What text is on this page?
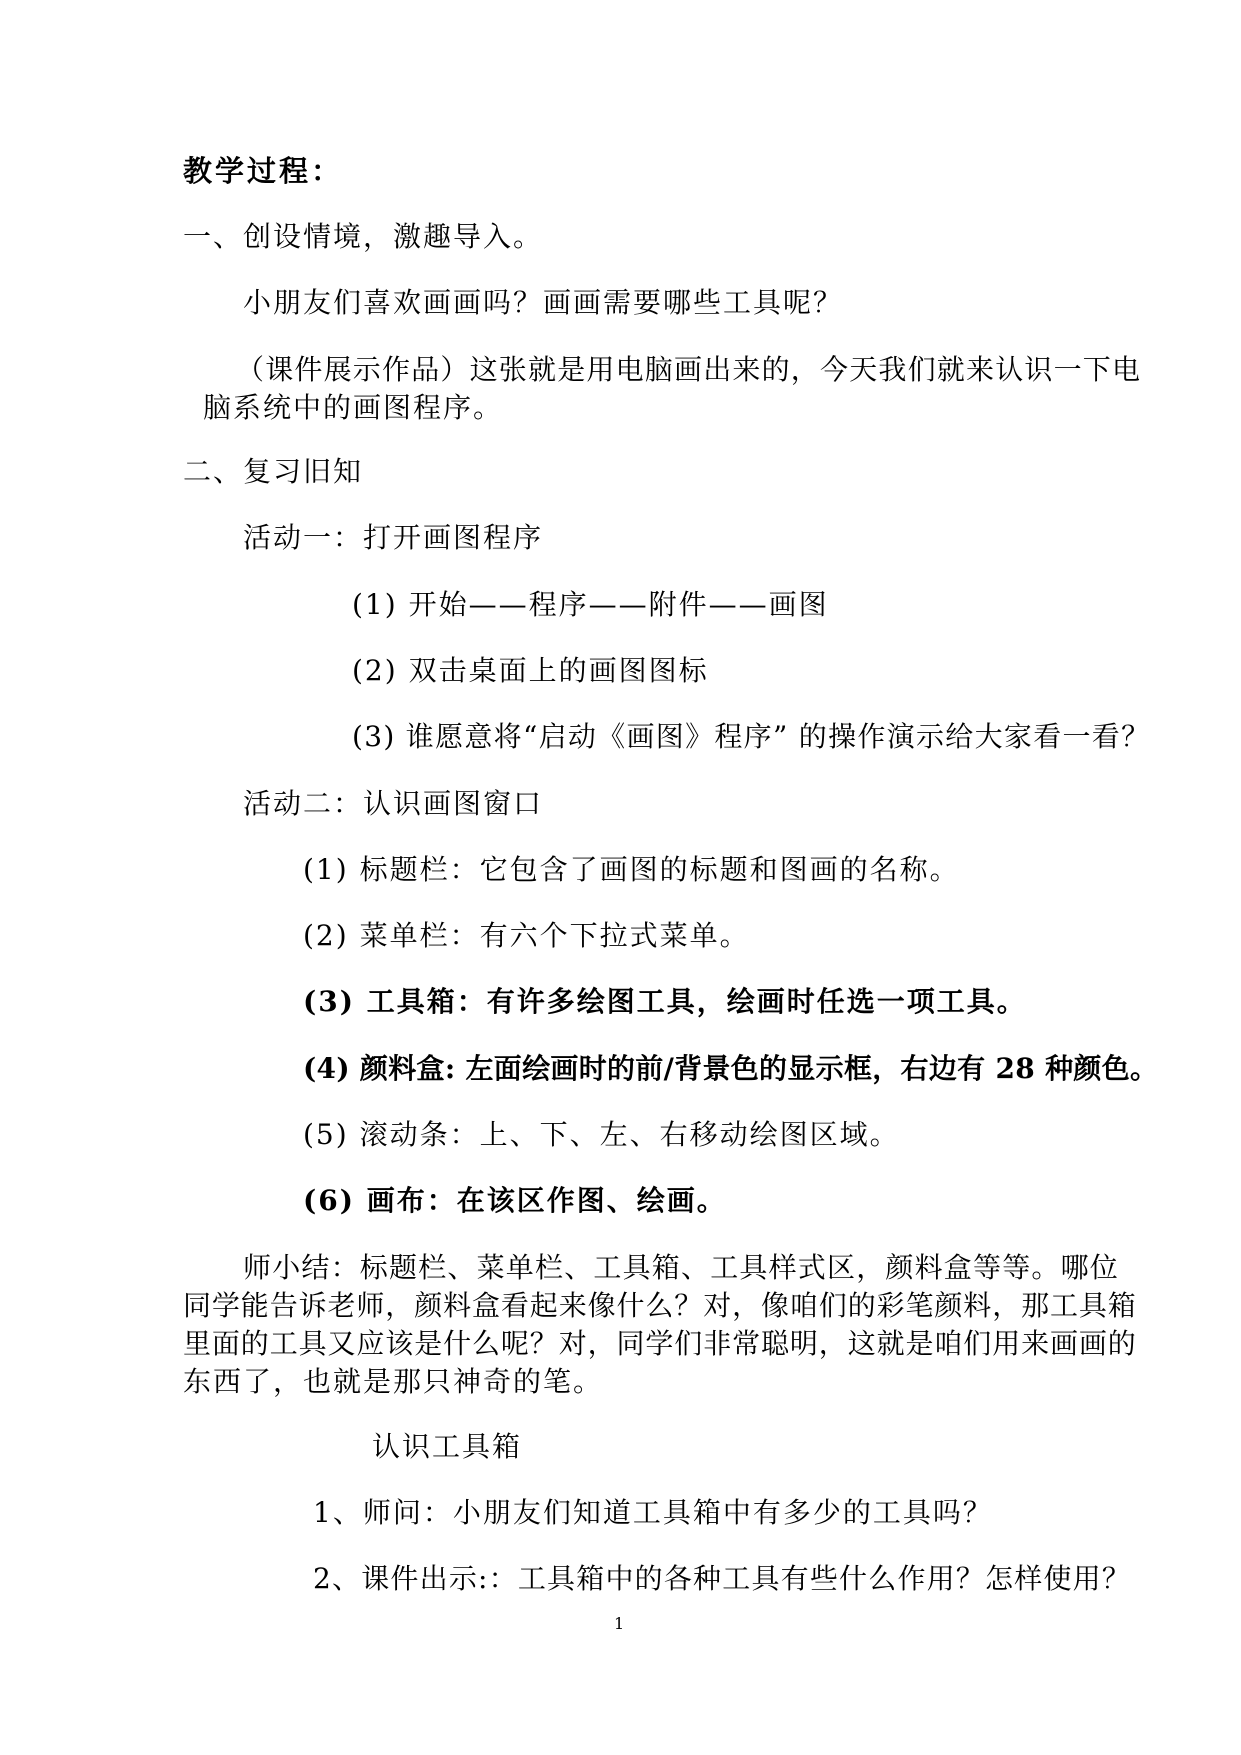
教学过程：
一、创设情境，激趣导入。
小朋友们喜欢画画吗？画画需要哪些工具呢？
（课件展示作品）这张就是用电脑画出来的，今天我们就来认识一下电
脑系统中的画图程序。
二、复习旧知
活动一：打开画图程序
(1) 开始——程序——附件——画图
(2) 双击桌面上的画图图标
(3) 谁愿意将“启动《画图》程序” 的操作演示给大家看一看？
活动二：认识画图窗口
(1) 标题栏：它包含了画图的标题和图画的名称。
(2) 菜单栏：有六个下拉式菜单。
(3) 工具箱：有许多绘图工具，绘画时任选一项工具。
(4) 颜料盒: 左面绘画时的前/背景色的显示框，右边有 28 种颜色。
(5) 滚动条：上、下、左、右移动绘图区域。
(6) 画布：在该区作图、绘画。
师小结：标题栏、菜单栏、工具箱、工具样式区，颜料盒等等。哪位
同学能告诉老师，颜料盒看起来像什么？对，像咱们的彩笔颜料，那工具箱
里面的工具又应该是什么呢？对，同学们非常聪明，这就是咱们用来画画的
东西了，也就是那只神奇的笔。
认识工具箱
1、师问：小朋友们知道工具箱中有多少的工具吗？
2、课件出示:：工具箱中的各种工具有些什么作用？怎样使用？
1
